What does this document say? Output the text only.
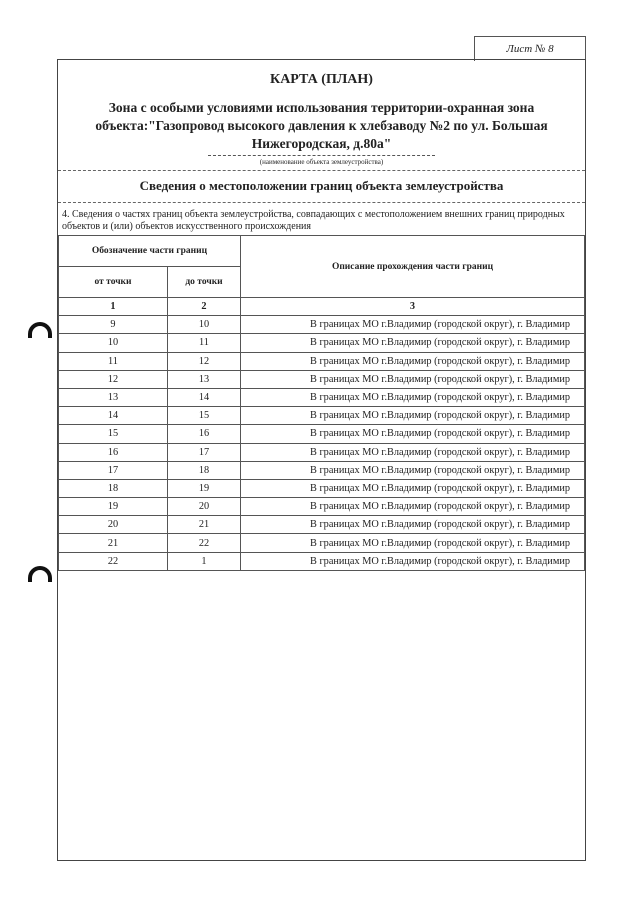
Лист № 8
КАРТА (ПЛАН)
Зона с особыми условиями использования территории-охранная зона объекта:"Газопровод высокого давления к хлебзаводу №2 по ул. Большая Нижегородская, д.80а"
(наименование объекта землеустройства)
Сведения о местоположении границ объекта землеустройства
4. Сведения о частях границ объекта землеустройства, совпадающих с местоположением внешних границ природных объектов и (или) объектов искусственного происхождения
Обозначение части границ		Описание прохождения части границ
от точки	до точки	
1	2	3
9	10	В границах МО г.Владимир (городской округ), г. Владимир
10	11	В границах МО г.Владимир (городской округ), г. Владимир
11	12	В границах МО г.Владимир (городской округ), г. Владимир
12	13	В границах МО г.Владимир (городской округ), г. Владимир
13	14	В границах МО г.Владимир (городской округ), г. Владимир
14	15	В границах МО г.Владимир (городской округ), г. Владимир
15	16	В границах МО г.Владимир (городской округ), г. Владимир
16	17	В границах МО г.Владимир (городской округ), г. Владимир
17	18	В границах МО г.Владимир (городской округ), г. Владимир
18	19	В границах МО г.Владимир (городской округ), г. Владимир
19	20	В границах МО г.Владимир (городской округ), г. Владимир
20	21	В границах МО г.Владимир (городской округ), г. Владимир
21	22	В границах МО г.Владимир (городской округ), г. Владимир
22	1	В границах МО г.Владимир (городской округ), г. Владимир
